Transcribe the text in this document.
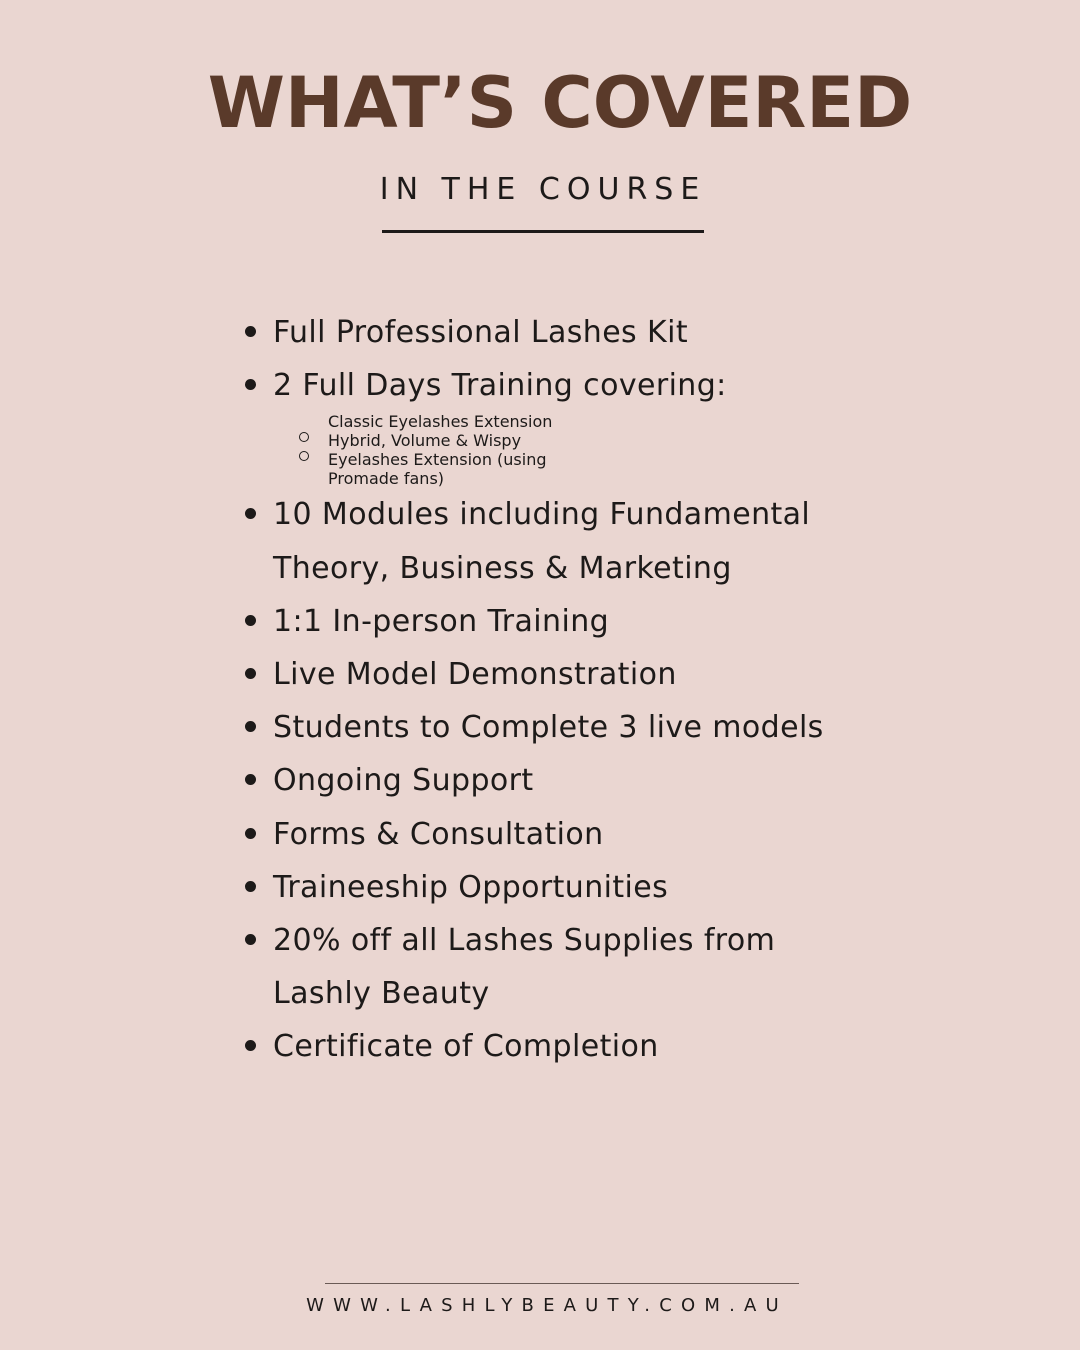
WHAT’S COVERED
IN THE COURSE
Full Professional Lashes Kit
2 Full Days Training covering:
Classic Eyelashes Extension
Hybrid, Volume & Wispy
Eyelashes Extension (using
Promade fans)
10 Modules including Fundamental
Theory, Business & Marketing
1:1 In-person Training
Live Model Demonstration
Students to Complete 3 live models
Ongoing Support
Forms & Consultation
Traineeship Opportunities
20% off all Lashes Supplies from
Lashly Beauty
Certificate of Completion
WWW.LASHLYBEAUTY.COM.AU
